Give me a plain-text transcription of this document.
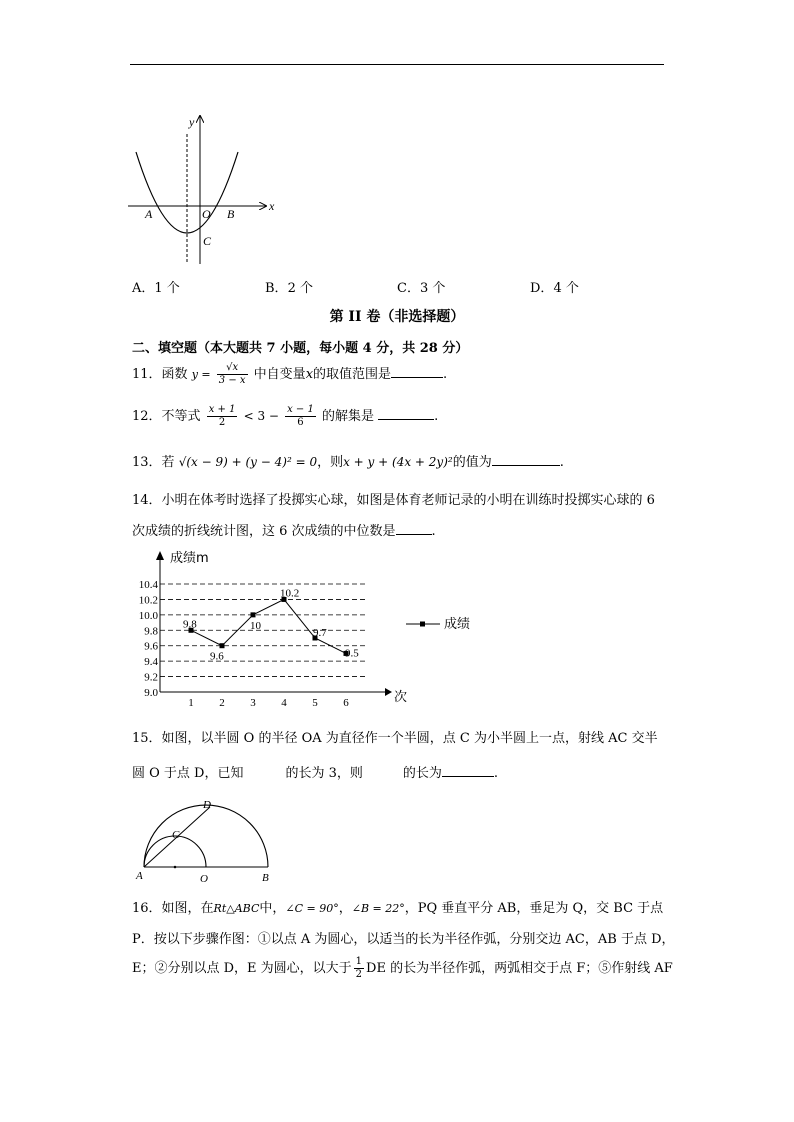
y
x
O
A	B
C
A．1 个	B．2 个	C．3 个	D．4 个
第 II 卷（非选择题）
二、填空题（本大题共 7 小题，每小题 4 分，共 28 分）
11．函数 $y = \frac{√x}{3 - x}$ 中自变量x的取值范围是	.
12．不等式 $\frac{x + 1}{2} < 3 - \frac{x - 1}{6}$ 的解集是	.
13．若 √(x − 9) + (y − 4)² = 0，则x + y + (4x + 2y)²的值为	.
14．小明在体考时选择了投掷实心球，如图是体育老师记录的小明在训练时投掷实心球的 6
次成绩的折线统计图，这 6 次成绩的中位数是	.
9.0
9.2
9.4
9.6
9.8
10.0
10.2
10.4
1 2 3 4 5 6
9.8
9.6
10
10.2
9.7
9.5
成绩m
次
成绩
15．如图，以半圆 O 的半径 OA 为直径作一个半圆，点 C 为小半圆上一点，射线 AC 交半
圆 O 于点 D，已知	的长为 3，则	的长为	.
A	O	B
C
D
16．如图，在Rt△ABC中，∠C = 90°，∠B = 22°，PQ 垂直平分 AB，垂足为 Q，交 BC 于点
P．按以下步骤作图：①以点 A 为圆心，以适当的长为半径作弧，分别交边 AC，AB 于点 D，
E；②分别以点 D，E 为圆心，以大于 $\frac{1}{2}$ DE 的长为半径作弧，两弧相交于点 F；⑤作射线 AF
